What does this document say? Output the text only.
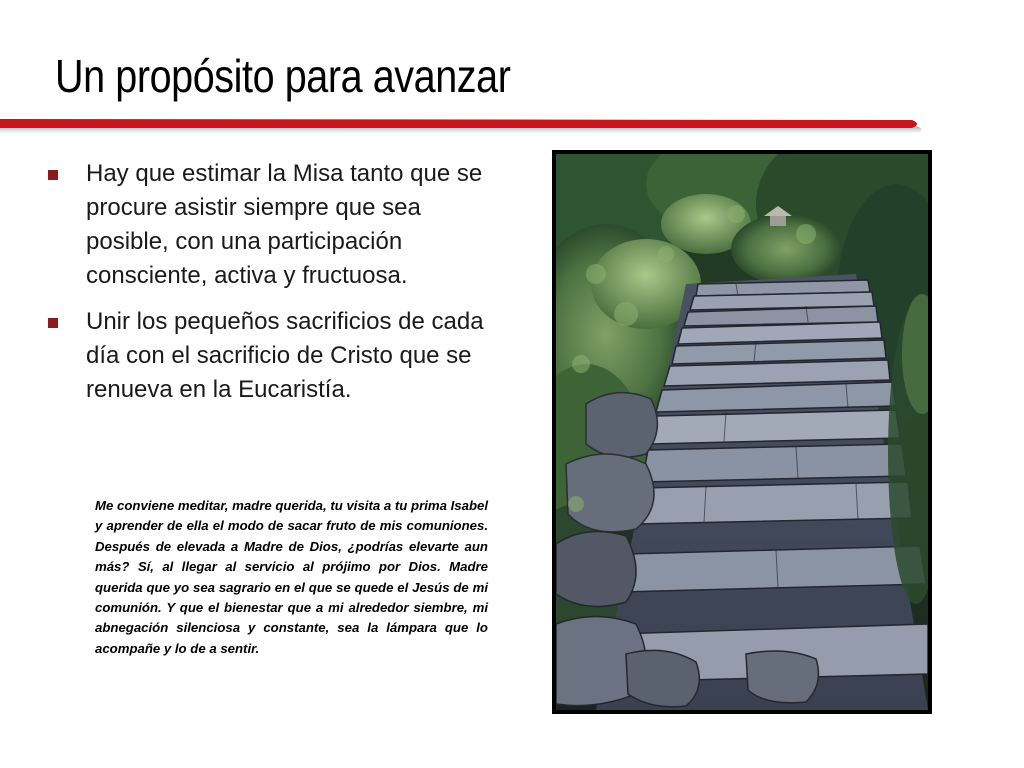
Un propósito para avanzar
Hay que estimar la Misa tanto que se procure asistir siempre que sea posible, con una participación consciente, activa y fructuosa.
Unir los pequeños sacrificios de cada día con el sacrificio de Cristo que se renueva en la Eucaristía.

Me conviene meditar, madre querida, tu visita a tu prima Isabel y aprender de ella el modo de sacar fruto de mis comuniones. Después de elevada a Madre de Dios, ¿podrías elevarte aun más? Sí, al llegar al servicio al prójimo por Dios. Madre querida que yo sea sagrario en el que se quede el Jesús de mi comunión. Y que el bienestar que a mi alrededor siembre, mi abnegación silenciosa y constante, sea la lámpara que lo acompañe y lo de a sentir.
